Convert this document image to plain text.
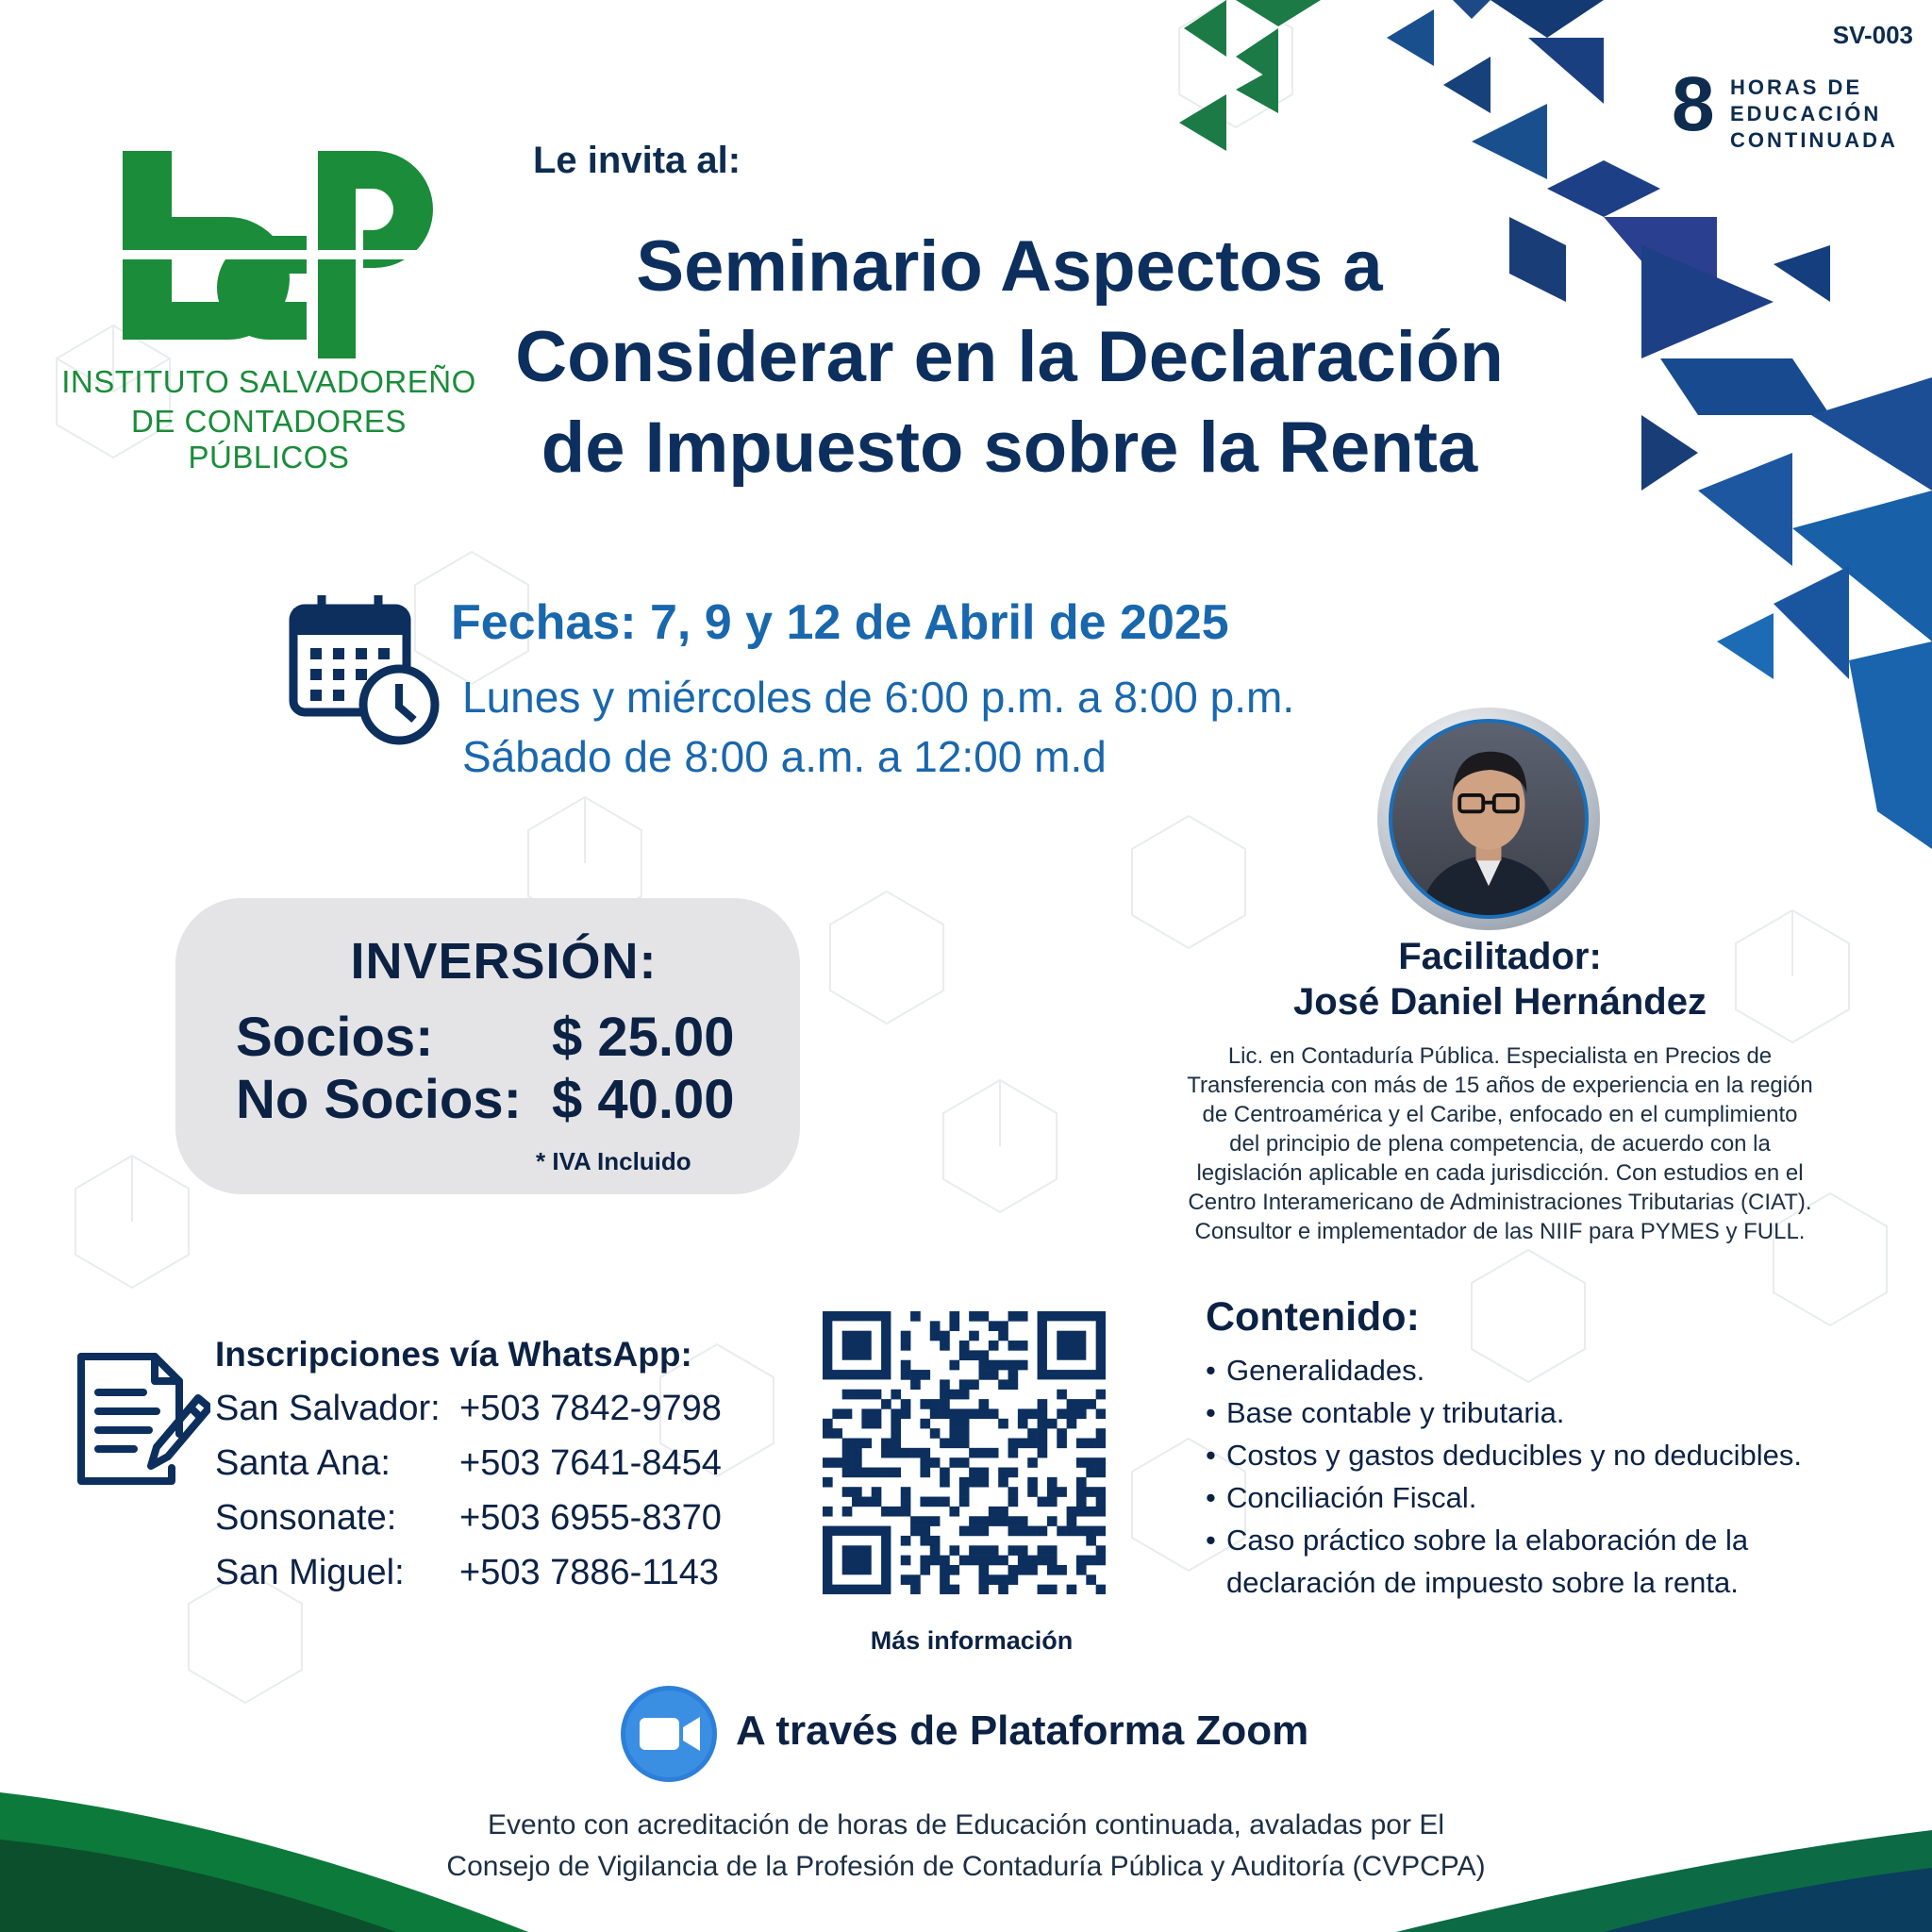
INSTITUTO SALVADOREÑO
DE CONTADORES PÚBLICOS
SV-003
8 HORAS DE
EDUCACIÓN
CONTINUADA
Le invita al:
Seminario Aspectos a
Considerar en la Declaración
de Impuesto sobre la Renta
Fechas: 7, 9 y 12 de Abril de 2025
Lunes y miércoles de 6:00 p.m. a 8:00 p.m.
Sábado de 8:00 a.m. a 12:00 m.d
INVERSIÓN:
Socios: $ 25.00
No Socios: $ 40.00
* IVA Incluido
Facilitador:
José Daniel Hernández
Lic. en Contaduría Pública. Especialista en Precios de
Transferencia con más de 15 años de experiencia en la región
de Centroamérica y el Caribe, enfocado en el cumplimiento
del principio de plena competencia, de acuerdo con la
legislación aplicable en cada jurisdicción. Con estudios en el
Centro Interamericano de Administraciones Tributarias (CIAT).
Consultor e implementador de las NIIF para PYMES y FULL.
Inscripciones vía WhatsApp:
San Salvador: +503 7842-9798
Santa Ana: +503 7641-8454
Sonsonate: +503 6955-8370
San Miguel: +503 7886-1143
Más información
Contenido:
• Generalidades.
• Base contable y tributaria.
• Costos y gastos deducibles y no deducibles.
• Conciliación Fiscal.
• Caso práctico sobre la elaboración de la declaración de impuesto sobre la renta.
A través de Plataforma Zoom
Evento con acreditación de horas de Educación continuada, avaladas por El
Consejo de Vigilancia de la Profesión de Contaduría Pública y Auditoría (CVPCPA)
